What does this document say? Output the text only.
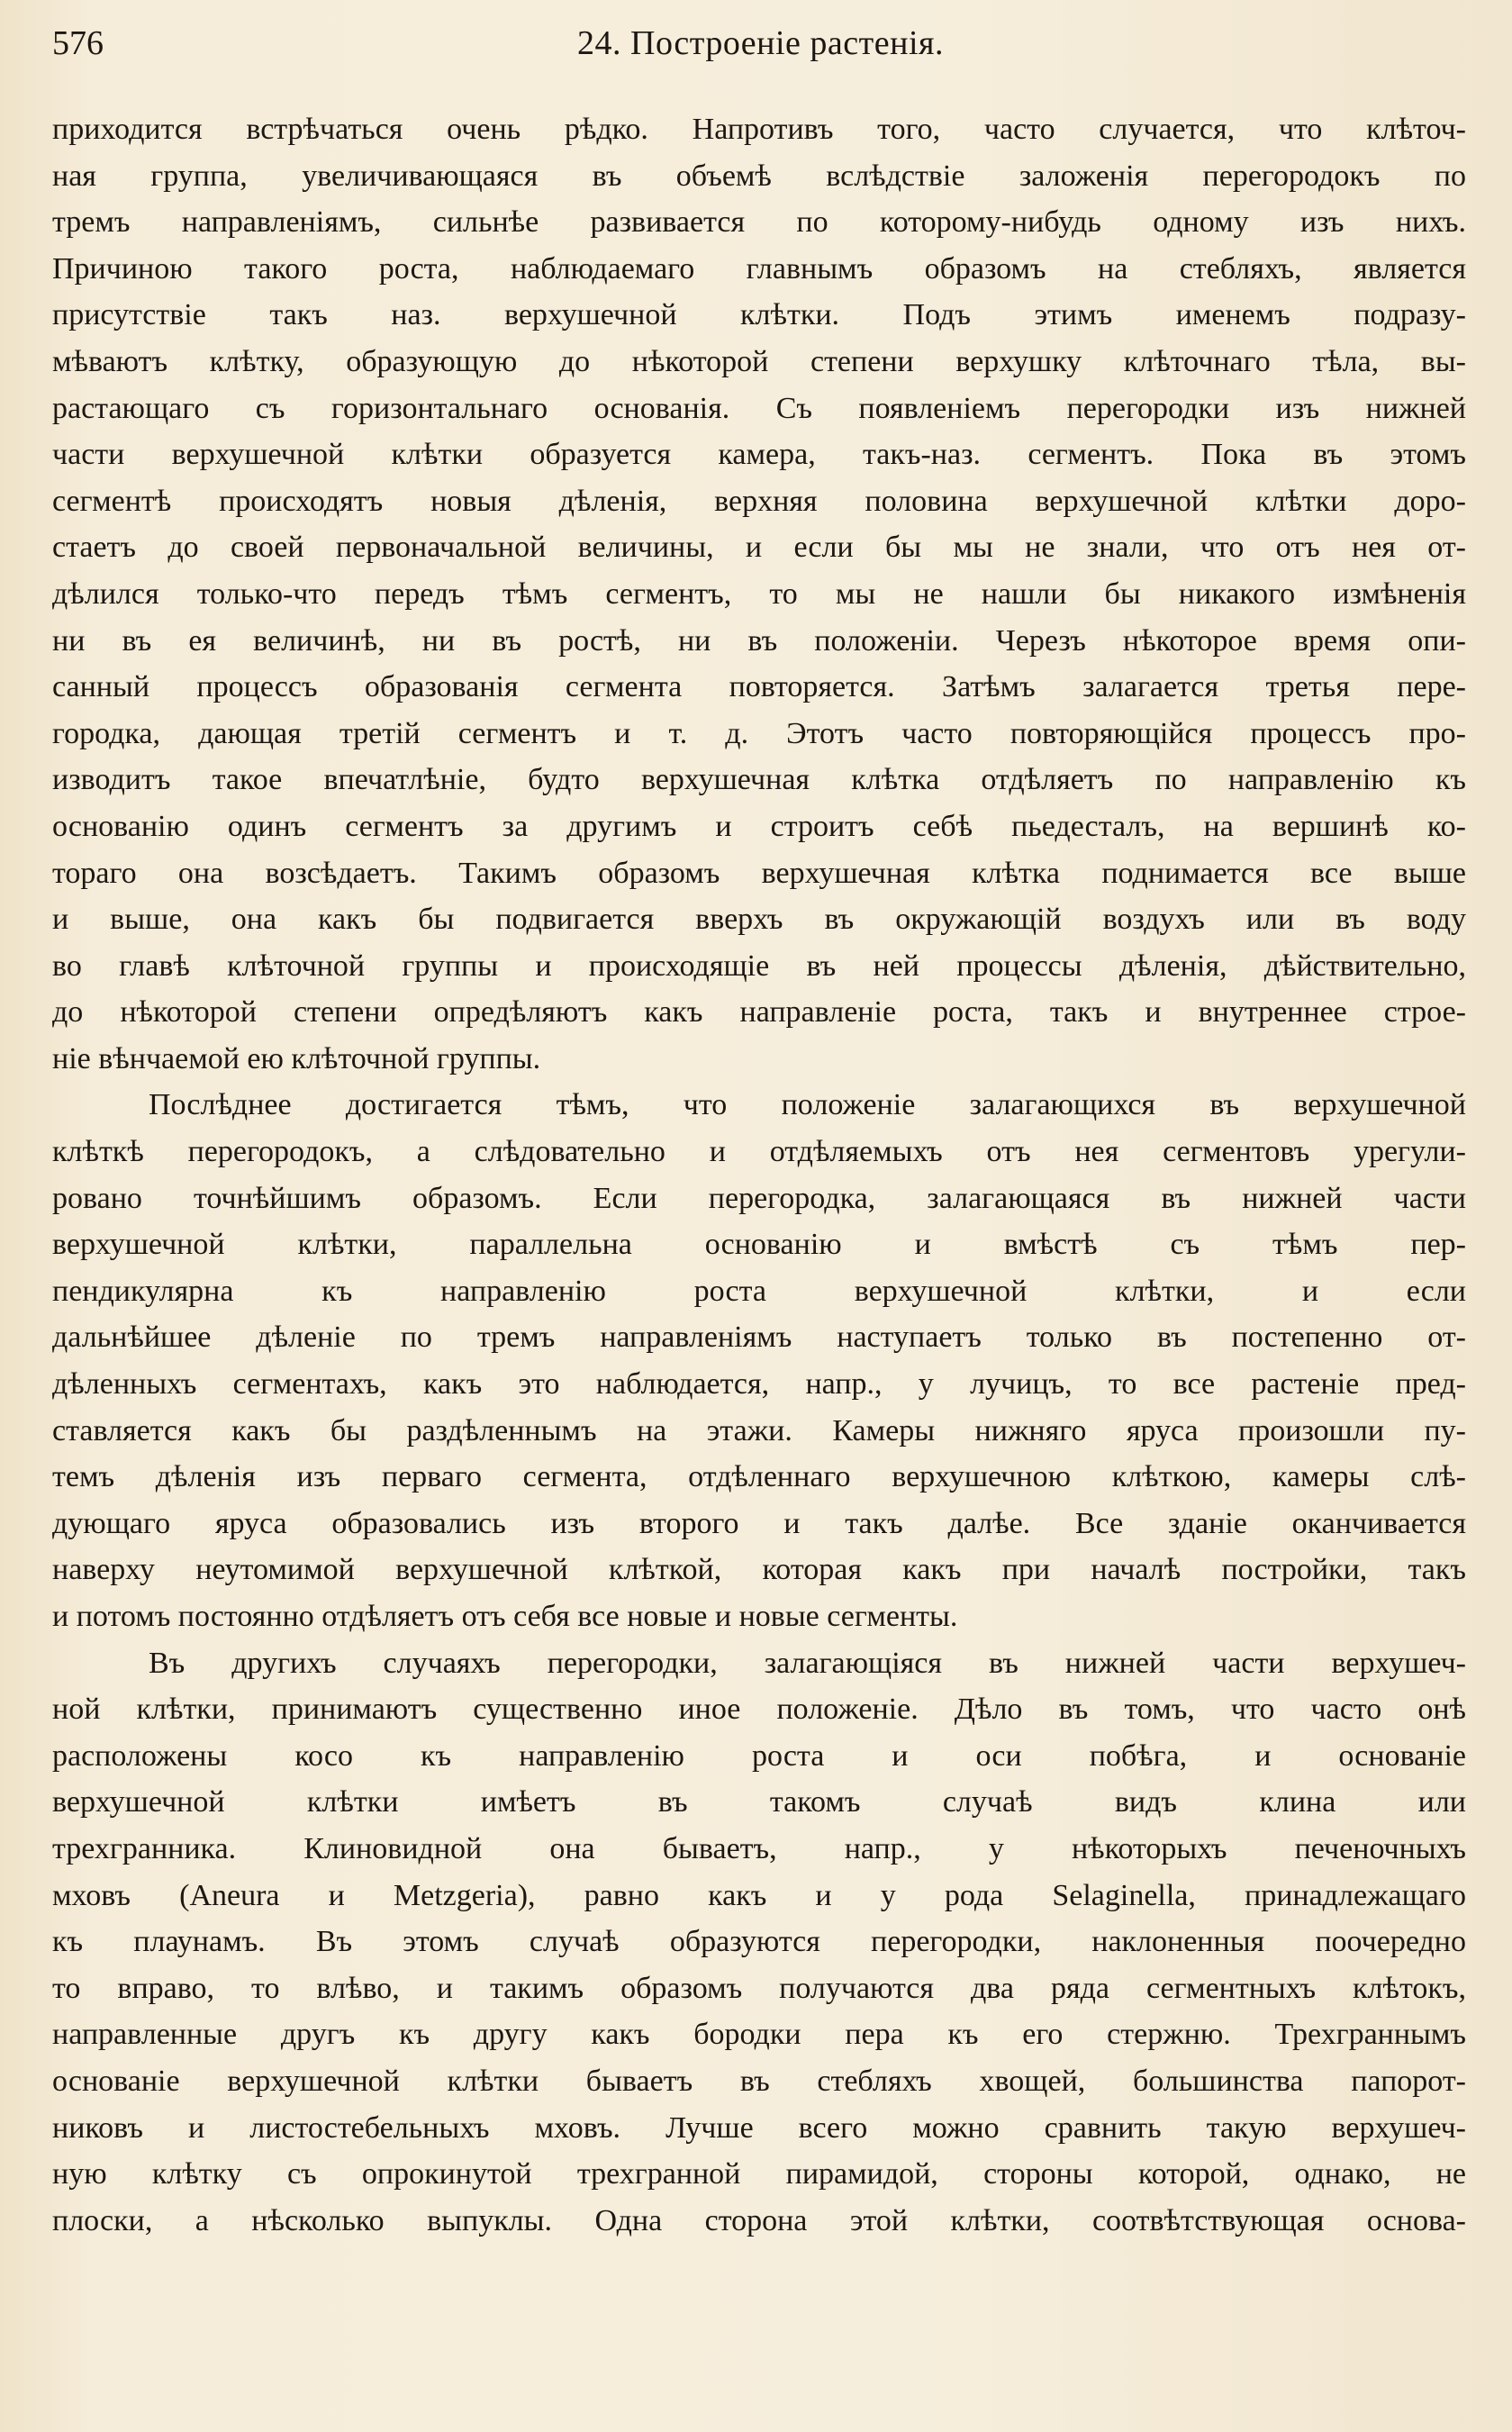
576	24. Построеніе растенія.
приходится встрѣчаться очень рѣдко. Напротивъ того, часто случается, что клѣточ-
ная группа, увеличивающаяся въ объемѣ вслѣдствіе заложенія перегородокъ по
тремъ направленіямъ, сильнѣе развивается по которому-нибудь одному изъ нихъ.
Причиною такого роста, наблюдаемаго главнымъ образомъ на стебляхъ, является
присутствіе такъ наз. верхушечной клѣтки. Подъ этимъ именемъ подразу-
мѣваютъ клѣтку, образующую до нѣкоторой степени верхушку клѣточнаго тѣла, вы-
растающаго съ горизонтальнаго основанія. Съ появленіемъ перегородки изъ нижней
части верхушечной клѣтки образуется камера, такъ-наз. сегментъ. Пока въ этомъ
сегментѣ происходятъ новыя дѣленія, верхняя половина верхушечной клѣтки доро-
стаетъ до своей первоначальной величины, и если бы мы не знали, что отъ нея от-
дѣлился только-что передъ тѣмъ сегментъ, то мы не нашли бы никакого измѣненія
ни въ ея величинѣ, ни въ ростѣ, ни въ положеніи. Черезъ нѣкоторое время опи-
санный процессъ образованія сегмента повторяется. Затѣмъ залагается третья пере-
городка, дающая третій сегментъ и т. д. Этотъ часто повторяющійся процессъ про-
изводитъ такое впечатлѣніе, будто верхушечная клѣтка отдѣляетъ по направленію къ
основанію одинъ сегментъ за другимъ и строитъ себѣ пьедесталъ, на вершинѣ ко-
тораго она возсѣдаетъ. Такимъ образомъ верхушечная клѣтка поднимается все выше
и выше, она какъ бы подвигается вверхъ въ окружающій воздухъ или въ воду
во главѣ клѣточной группы и происходящіе въ ней процессы дѣленія, дѣйствительно,
до нѣкоторой степени опредѣляютъ какъ направленіе роста, такъ и внутреннее строе-
ніе вѣнчаемой ею клѣточной группы.
Послѣднее достигается тѣмъ, что положеніе залагающихся въ верхушечной
клѣткѣ перегородокъ, а слѣдовательно и отдѣляемыхъ отъ нея сегментовъ урегули-
ровано точнѣйшимъ образомъ. Если перегородка, залагающаяся въ нижней части
верхушечной клѣтки, параллельна основанію и вмѣстѣ съ тѣмъ пер-
пендикулярна къ направленію роста верхушечной клѣтки, и если
дальнѣйшее дѣленіе по тремъ направленіямъ наступаетъ только въ постепенно от-
дѣленныхъ сегментахъ, какъ это наблюдается, напр., у лучицъ, то все растеніе пред-
ставляется какъ бы раздѣленнымъ на этажи. Камеры нижняго яруса произошли пу-
темъ дѣленія изъ перваго сегмента, отдѣленнаго верхушечною клѣткою, камеры слѣ-
дующаго яруса образовались изъ второго и такъ далѣе. Все зданіе оканчивается
наверху неутомимой верхушечной клѣткой, которая какъ при началѣ постройки, такъ
и потомъ постоянно отдѣляетъ отъ себя все новые и новые сегменты.
Въ другихъ случаяхъ перегородки, залагающіяся въ нижней части верхушеч-
ной клѣтки, принимаютъ существенно иное положеніе. Дѣло въ томъ, что часто онѣ
расположены косо къ направленію роста и оси побѣга, и основаніе
верхушечной клѣтки имѣетъ въ такомъ случаѣ видъ клина или
трехгранника. Клиновидной она бываетъ, напр., у нѣкоторыхъ печеночныхъ
мховъ (Aneura и Metzgeria), равно какъ и у рода Selaginella, принадлежащаго
къ плаунамъ. Въ этомъ случаѣ образуются перегородки, наклоненныя поочередно
то вправо, то влѣво, и такимъ образомъ получаются два ряда сегментныхъ клѣтокъ,
направленные другъ къ другу какъ бородки пера къ его стержню. Трехграннымъ
основаніе верхушечной клѣтки бываетъ въ стебляхъ хвощей, большинства папорот-
никовъ и листостебельныхъ мховъ. Лучше всего можно сравнить такую верхушеч-
ную клѣтку съ опрокинутой трехгранной пирамидой, стороны которой, однако, не
плоски, а нѣсколько выпуклы. Одна сторона этой клѣтки, соотвѣтствующая основа-
